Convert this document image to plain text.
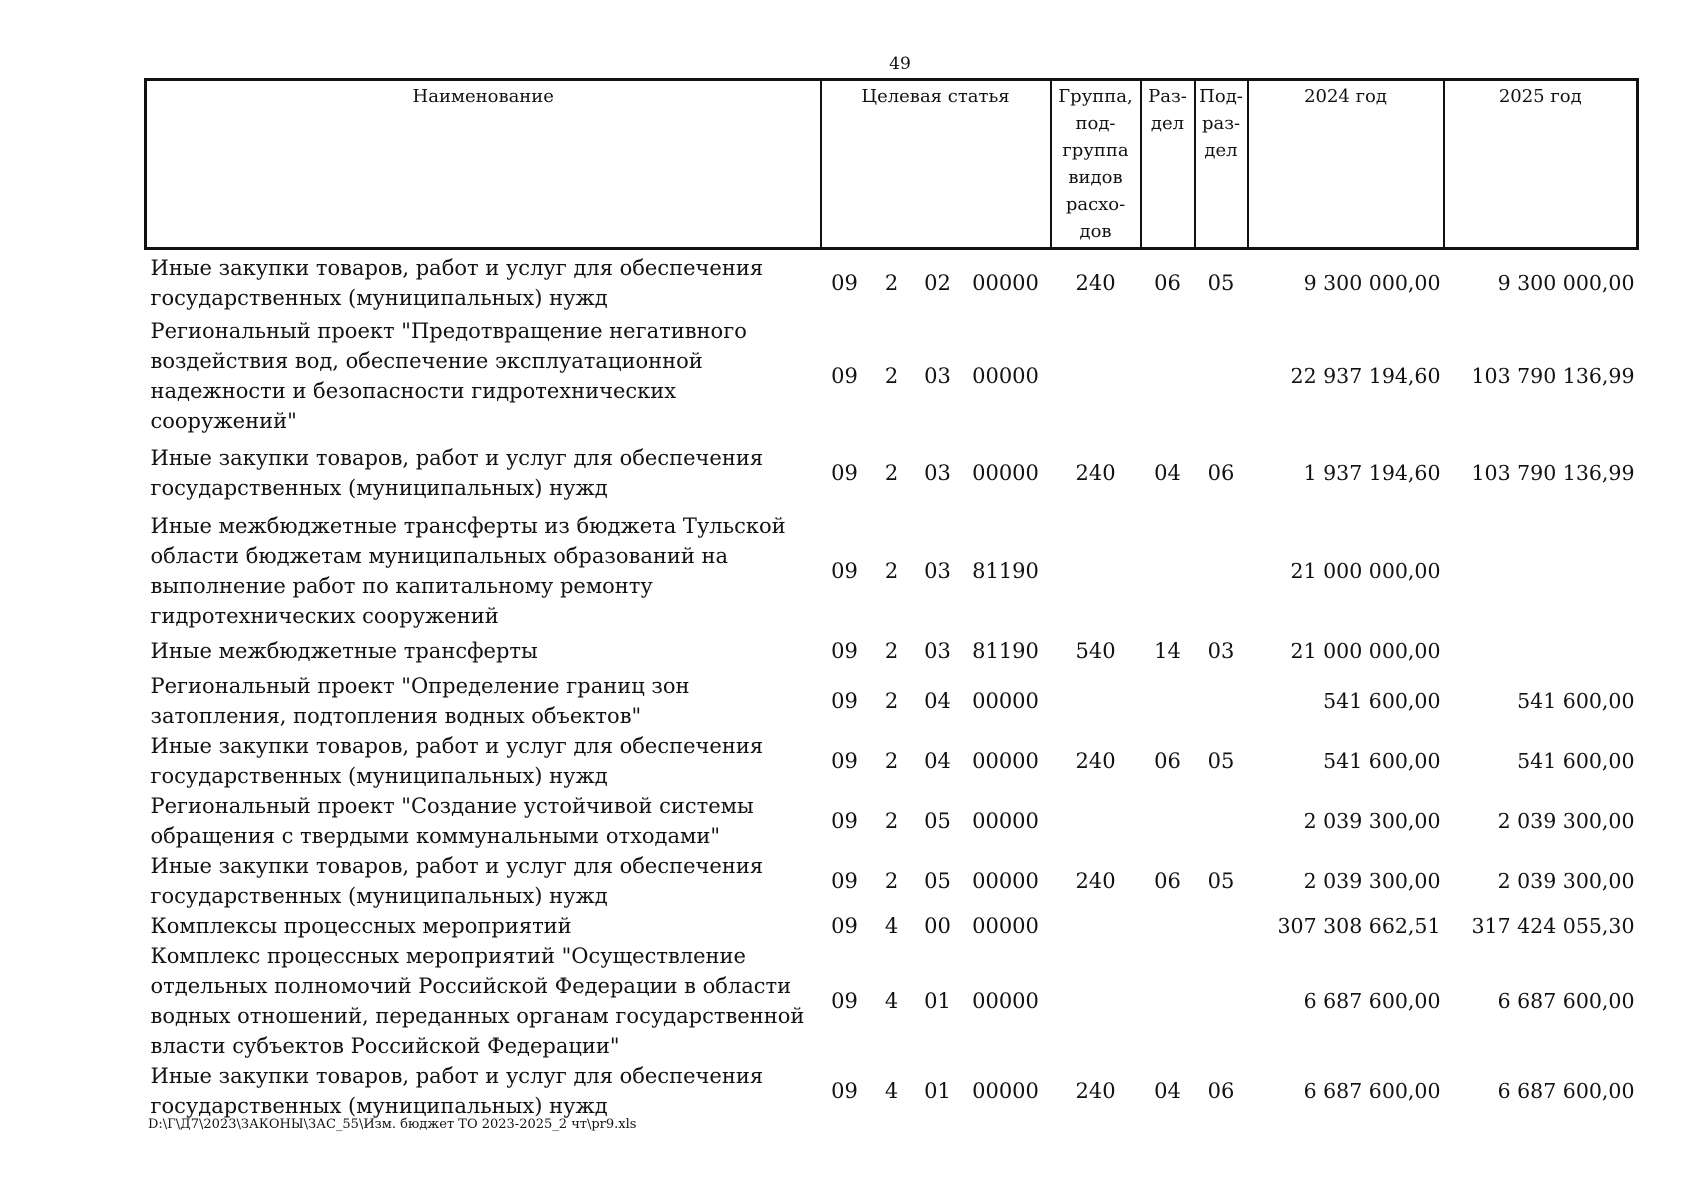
49
Наименование	Целевая статья				Группа, под-группа видов расхо-дов	Раз-дел	Под-раз-дел	2024 год	2025 год
Иные закупки товаров, работ и услуг для обеспечения государственных (муниципальных) нужд	09	2	02	00000	240	06	05	9 300 000,00	9 300 000,00
Региональный проект "Предотвращение негативного воздействия вод, обеспечение эксплуатационной надежности и безопасности гидротехнических сооружений"	09	2	03	00000				22 937 194,60	103 790 136,99
Иные закупки товаров, работ и услуг для обеспечения государственных (муниципальных) нужд	09	2	03	00000	240	04	06	1 937 194,60	103 790 136,99
Иные межбюджетные трансферты из бюджета Тульской области бюджетам муниципальных образований на выполнение работ по капитальному ремонту гидротехнических сооружений	09	2	03	81190				21 000 000,00	
Иные межбюджетные трансферты	09	2	03	81190	540	14	03	21 000 000,00	
Региональный проект "Определение границ зон затопления, подтопления водных объектов"	09	2	04	00000				541 600,00	541 600,00
Иные закупки товаров, работ и услуг для обеспечения государственных (муниципальных) нужд	09	2	04	00000	240	06	05	541 600,00	541 600,00
Региональный проект "Создание устойчивой системы обращения с твердыми коммунальными отходами"	09	2	05	00000				2 039 300,00	2 039 300,00
Иные закупки товаров, работ и услуг для обеспечения государственных (муниципальных) нужд	09	2	05	00000	240	06	05	2 039 300,00	2 039 300,00
Комплексы процессных мероприятий	09	4	00	00000				307 308 662,51	317 424 055,30
Комплекс процессных мероприятий "Осуществление отдельных полномочий Российской Федерации в области водных отношений, переданных органам государственной власти субъектов Российской Федерации"	09	4	01	00000				6 687 600,00	6 687 600,00
Иные закупки товаров, работ и услуг для обеспечения государственных (муниципальных) нужд	09	4	01	00000	240	04	06	6 687 600,00	6 687 600,00
D:\Г\Д7\2023\ЗАКОНЫ\ЗАС_55\Изм. бюджет ТО 2023-2025_2 чт\pr9.xls
